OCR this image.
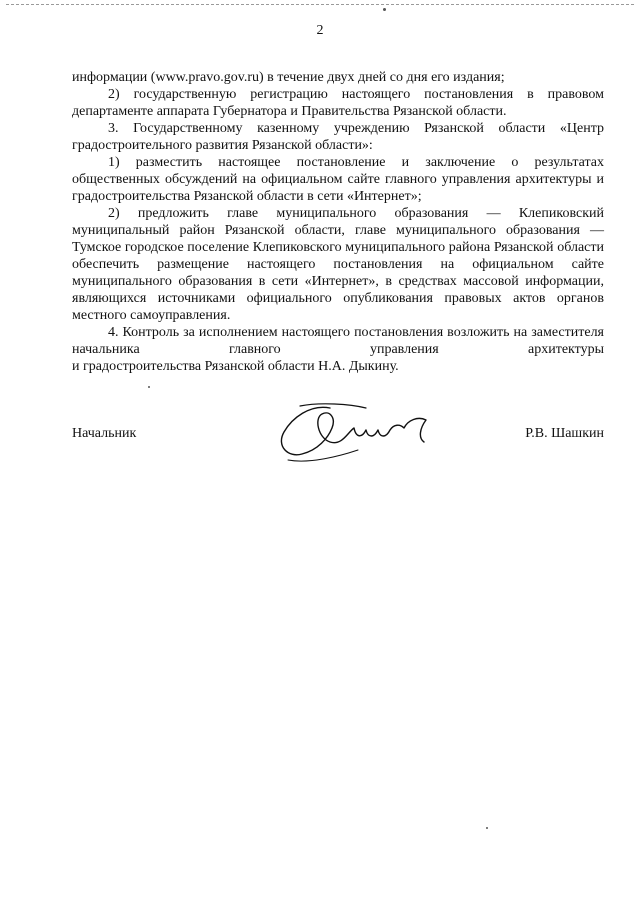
2

информации (www.pravo.gov.ru) в течение двух дней со дня его издания;

2) государственную регистрацию настоящего постановления в правовом департаменте аппарата Губернатора и Правительства Рязанской области.

3. Государственному казенному учреждению Рязанской области «Центр градостроительного развития Рязанской области»:

1) разместить настоящее постановление и заключение о результатах общественных обсуждений на официальном сайте главного управления архитектуры и градостроительства Рязанской области в сети «Интернет»;

2) предложить главе муниципального образования — Клепиковский муниципальный район Рязанской области, главе муниципального образования — Тумское городское поселение Клепиковского муниципального района Рязанской области обеспечить размещение настоящего постановления на официальном сайте муниципального образования в сети «Интернет», в средствах массовой информации, являющихся источниками официального опубликования правовых актов органов местного самоуправления.

4. Контроль за исполнением настоящего постановления возложить на заместителя начальника главного управления архитектуры

и градостроительства Рязанской области Н.А. Дыкину.

Начальник	Р.В. Шашкин
